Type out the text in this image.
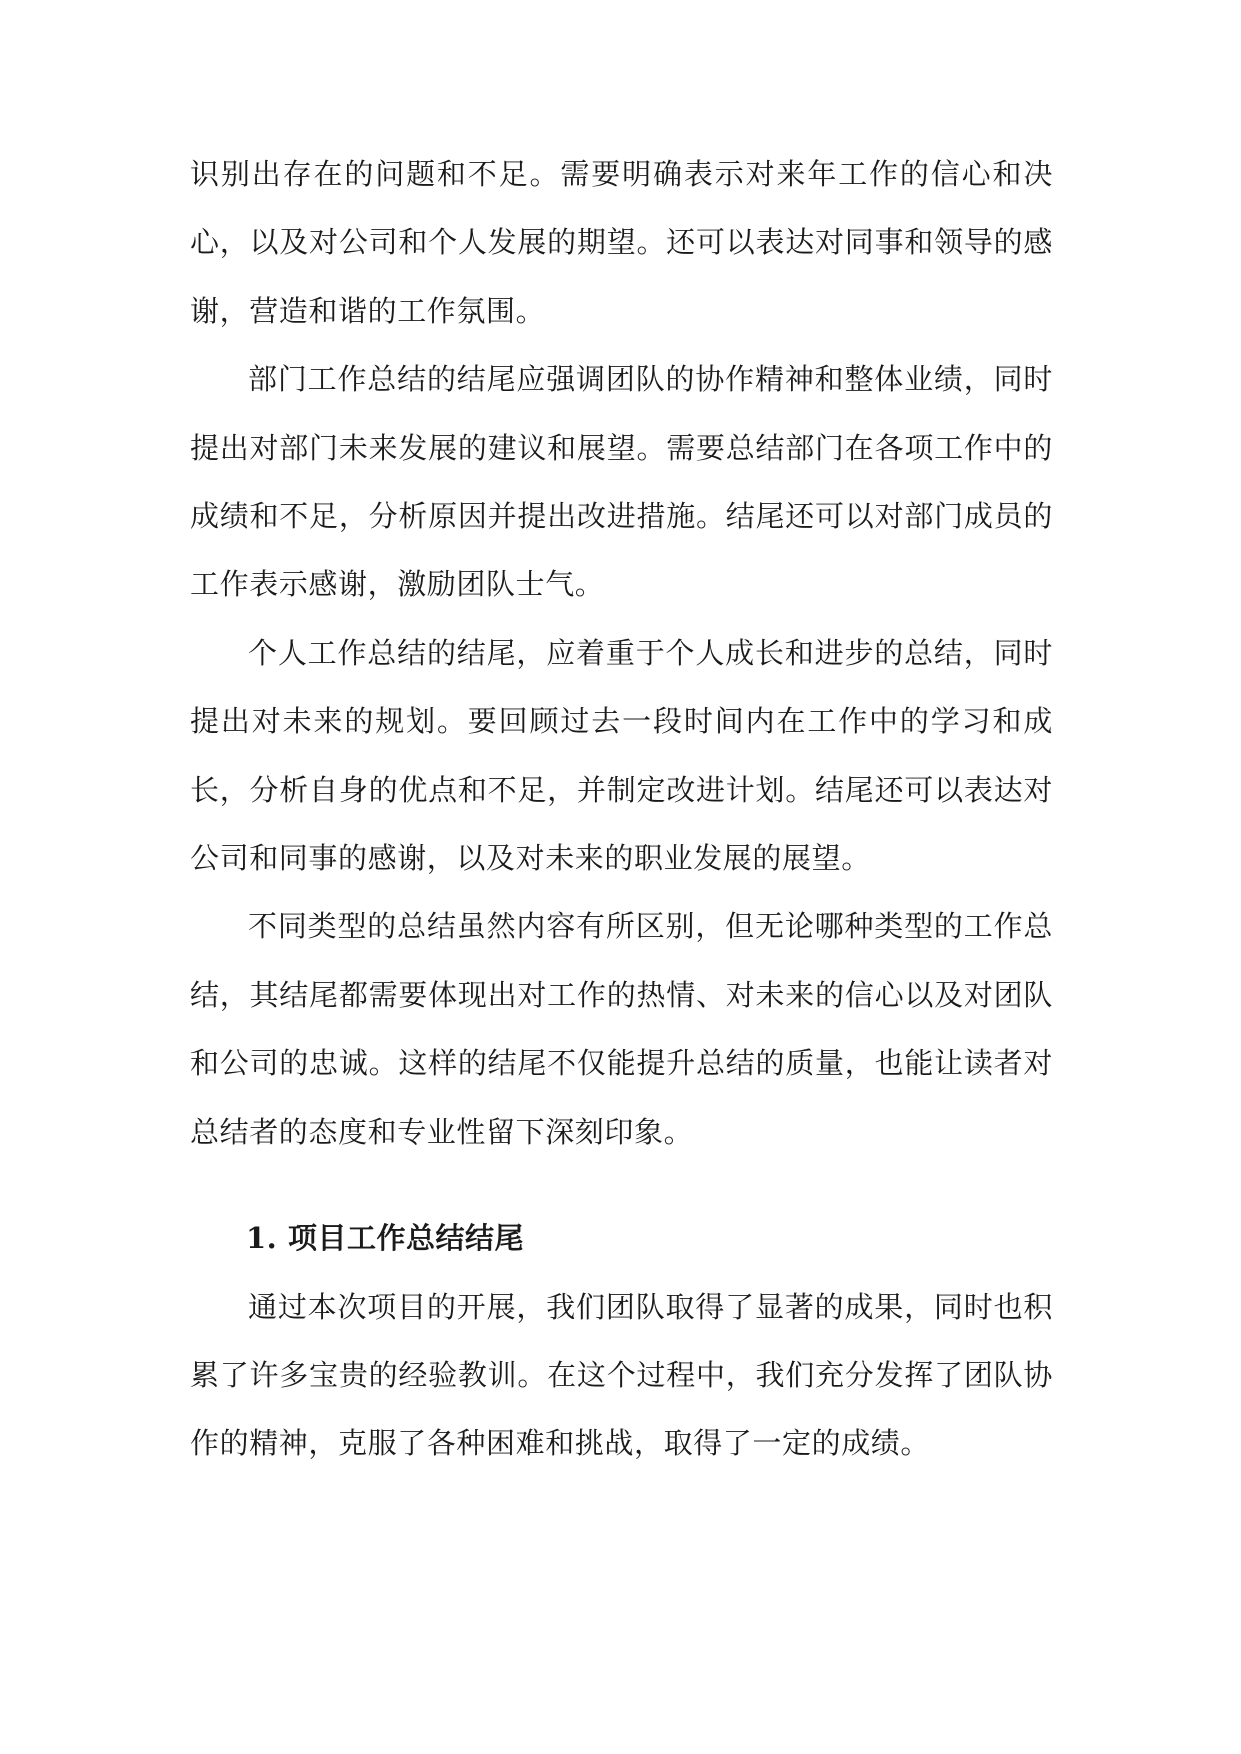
识别出存在的问题和不足。需要明确表示对来年工作的信心和决心，以及对公司和个人发展的期望。还可以表达对同事和领导的感谢，营造和谐的工作氛围。

部门工作总结的结尾应强调团队的协作精神和整体业绩，同时提出对部门未来发展的建议和展望。需要总结部门在各项工作中的成绩和不足，分析原因并提出改进措施。结尾还可以对部门成员的工作表示感谢，激励团队士气。

个人工作总结的结尾，应着重于个人成长和进步的总结，同时提出对未来的规划。要回顾过去一段时间内在工作中的学习和成长，分析自身的优点和不足，并制定改进计划。结尾还可以表达对公司和同事的感谢，以及对未来的职业发展的展望。

不同类型的总结虽然内容有所区别，但无论哪种类型的工作总结，其结尾都需要体现出对工作的热情、对未来的信心以及对团队和公司的忠诚。这样的结尾不仅能提升总结的质量，也能让读者对总结者的态度和专业性留下深刻印象。

1. 项目工作总结结尾

通过本次项目的开展，我们团队取得了显著的成果，同时也积累了许多宝贵的经验教训。在这个过程中，我们充分发挥了团队协作的精神，克服了各种困难和挑战，取得了一定的成绩。
